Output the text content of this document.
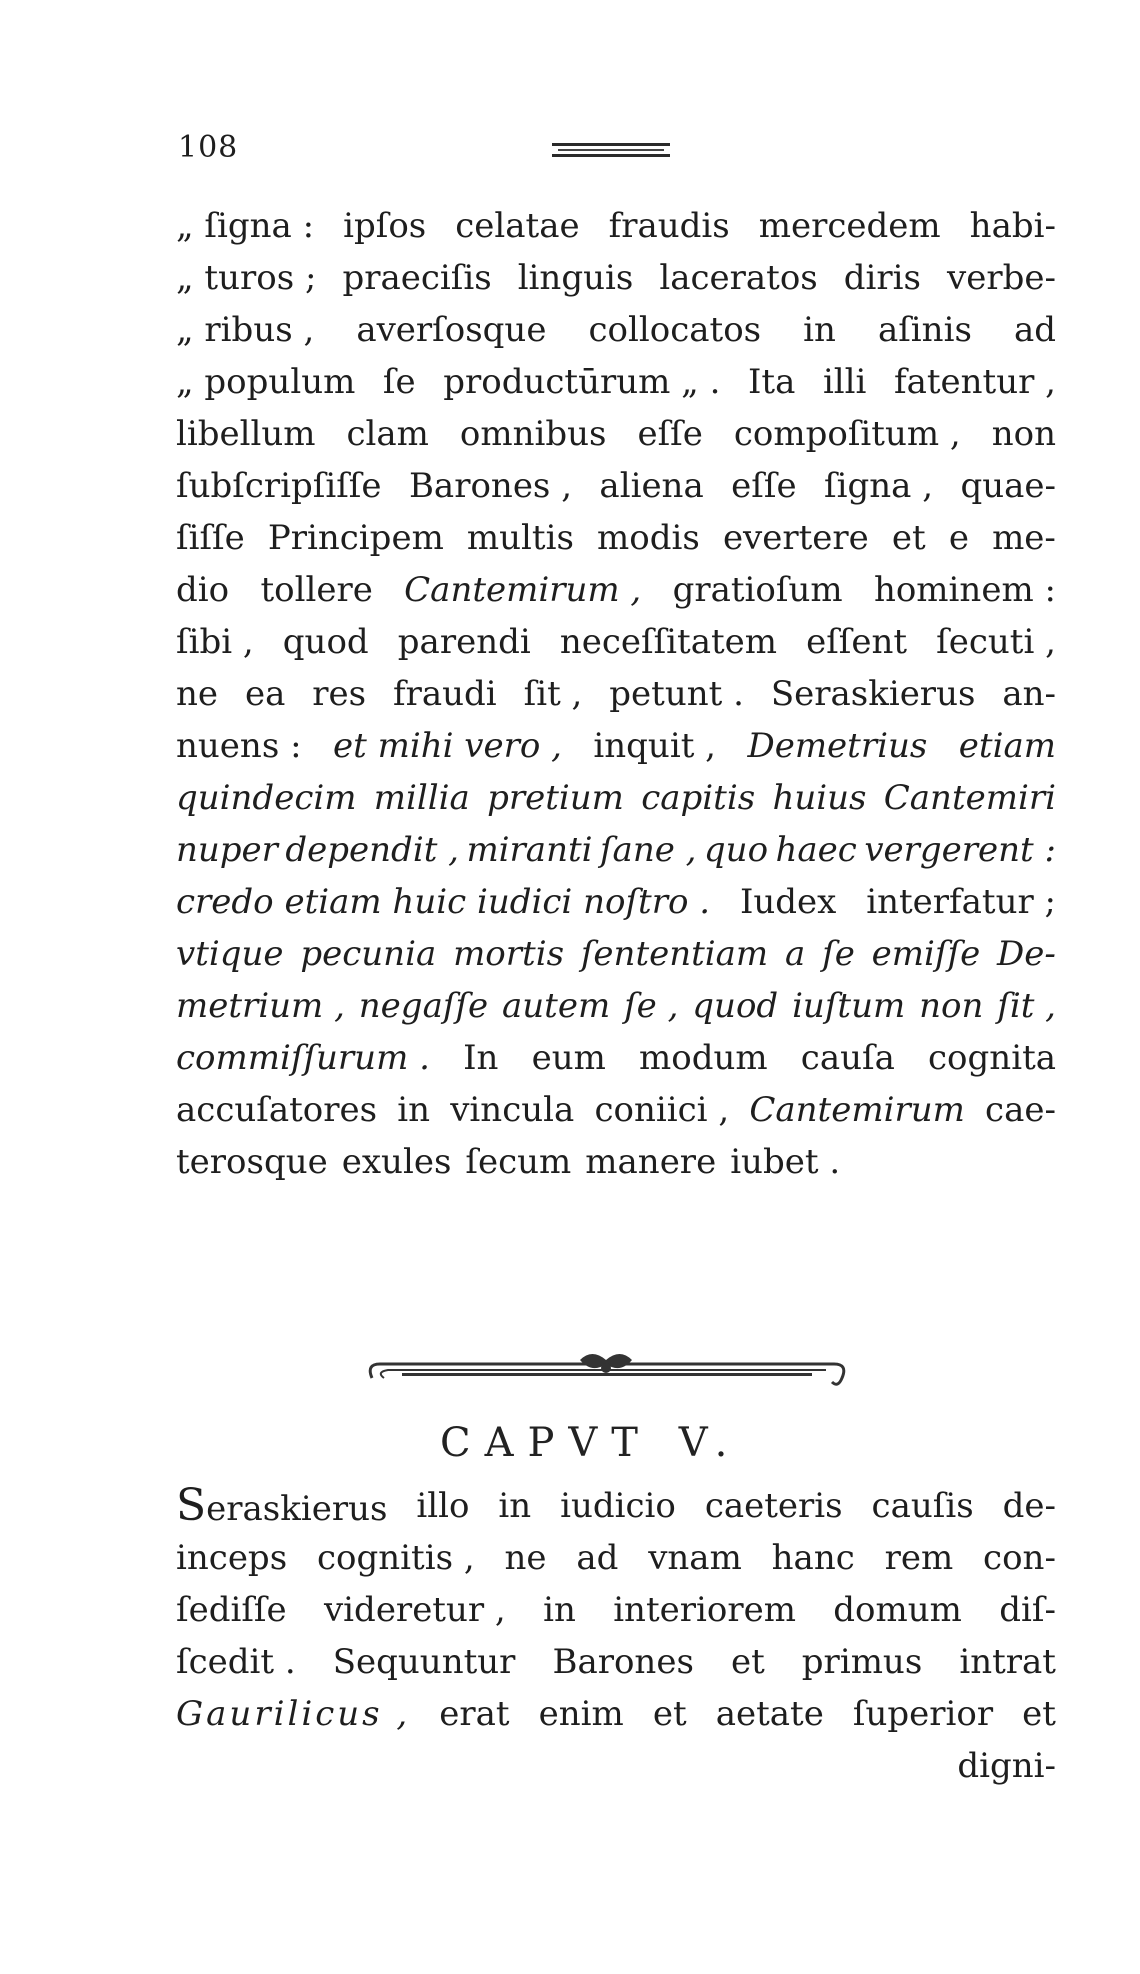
108
„ ſigna : ipſos celatae fraudis mercedem habi-
„ turos ; praeciſis linguis laceratos diris verbe-
„ ribus , averſosque collocatos in aſinis ad
„ populum ſe productūrum „ . Ita illi fatentur ,
libellum clam omnibus eſſe compoſitum , non
ſubſcripſiſſe Barones , aliena eſſe ſigna , quae-
ſiſſe Principem multis modis evertere et e me-
dio tollere Cantemirum , gratioſum hominem :
ſibi , quod parendi neceſſitatem eſſent ſecuti ,
ne ea res fraudi ſit , petunt . Seraskierus an-
nuens : et mihi vero , inquit , Demetrius etiam
quindecim millia pretium capitis huius Cantemiri
nuper dependit , miranti ſane , quo haec vergerent :
credo etiam huic iudici noſtro . Iudex interfatur ;
vtique pecunia mortis ſententiam a ſe emiſſe De-
metrium , negaſſe autem ſe , quod iuſtum non ſit ,
commiſſurum . In eum modum cauſa cognita
accuſatores in vincula coniici , Cantemirum cae-
terosque exules ſecum manere iubet .
CAPVT V.
Seraskierus illo in iudicio caeteris cauſis de-
inceps cognitis , ne ad vnam hanc rem con-
ſediſſe videretur , in interiorem domum diſ-
ſcedit . Sequuntur Barones et primus intrat
Gaurilicus , erat enim et aetate ſuperior et
digni-
